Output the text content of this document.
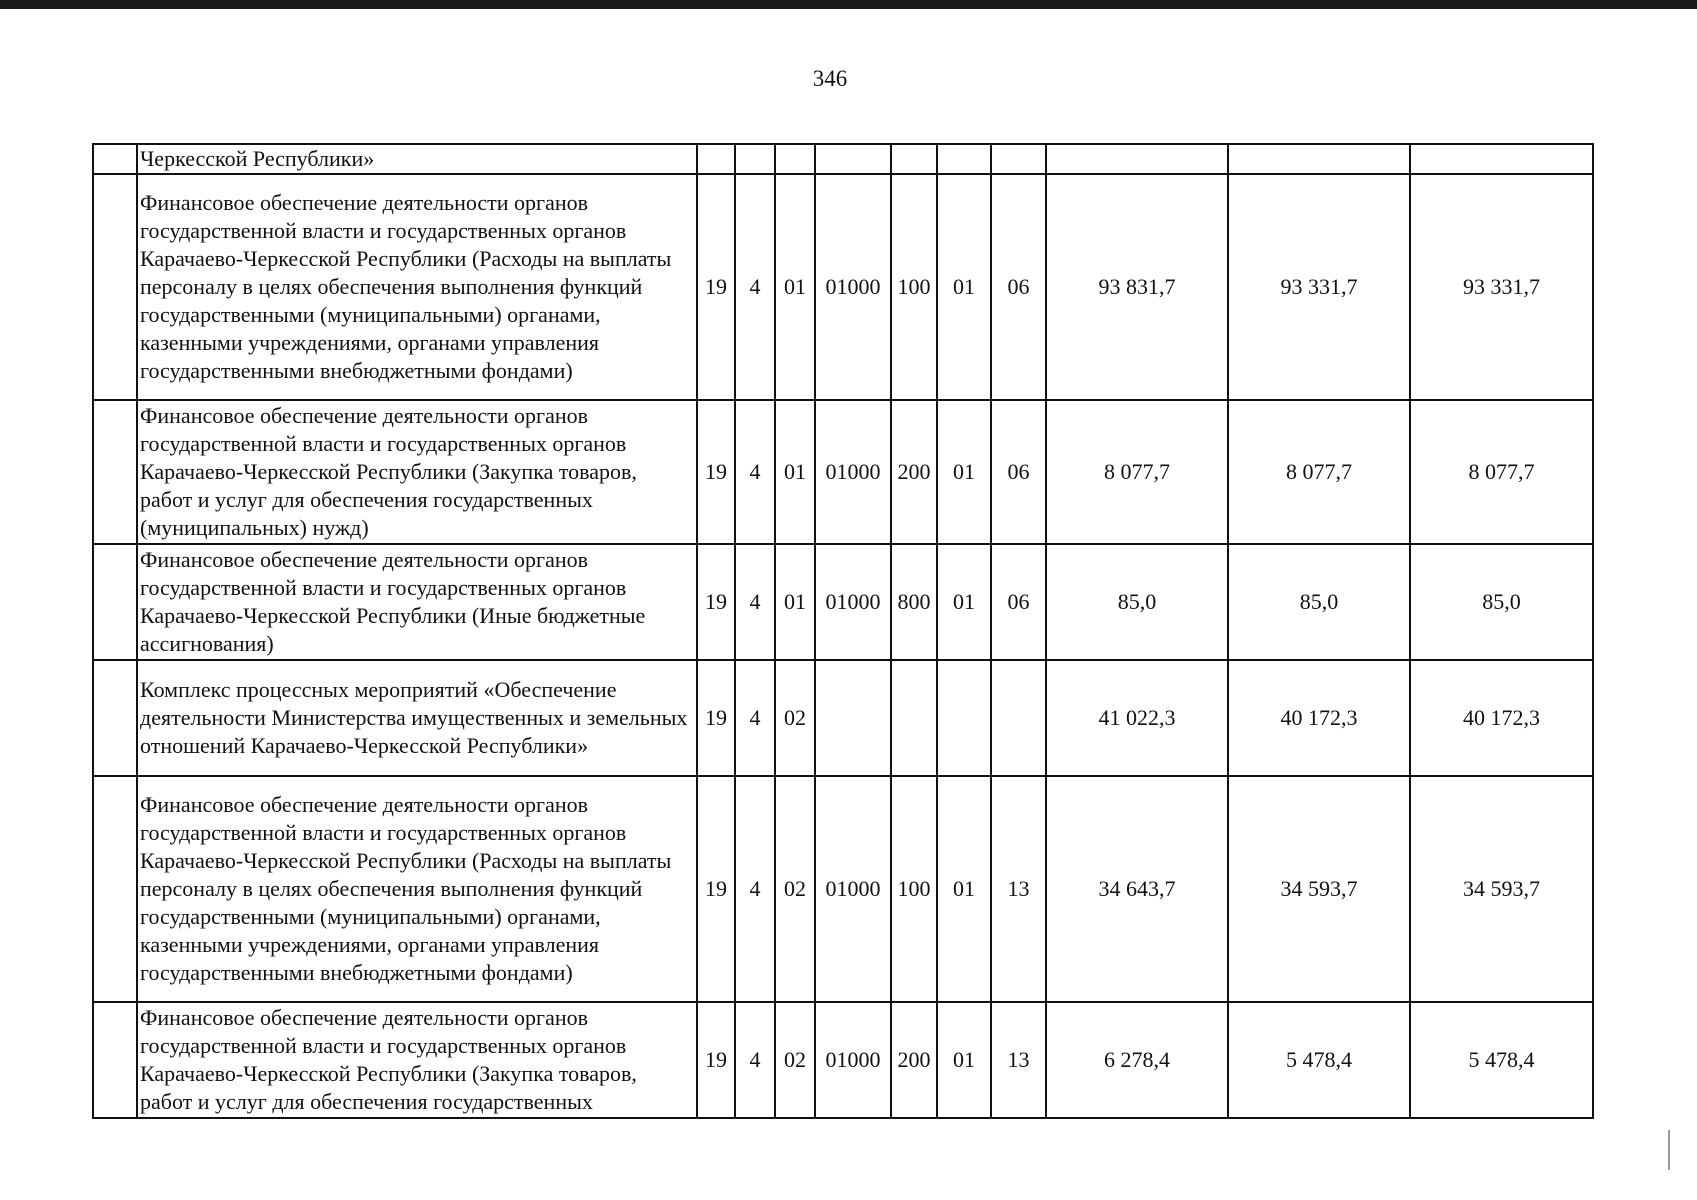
346
	Черкесской Республики»										
	Финансовое обеспечение деятельности органов государственной власти и государственных органов Карачаево-Черкесской Республики (Расходы на выплаты персоналу в целях обеспечения выполнения функций государственными (муниципальными) органами, казенными учреждениями, органами управления государственными внебюджетными фондами)	19	4	01	01000	100	01	06	93 831,7	93 331,7	93 331,7
	Финансовое обеспечение деятельности органов государственной власти и государственных органов Карачаево-Черкесской Республики (Закупка товаров, работ и услуг для обеспечения государственных (муниципальных) нужд)	19	4	01	01000	200	01	06	8 077,7	8 077,7	8 077,7
	Финансовое обеспечение деятельности органов государственной власти и государственных органов Карачаево-Черкесской Республики (Иные бюджетные ассигнования)	19	4	01	01000	800	01	06	85,0	85,0	85,0
	Комплекс процессных мероприятий «Обеспечение деятельности Министерства имущественных и земельных отношений Карачаево-Черкесской Республики»	19	4	02					41 022,3	40 172,3	40 172,3
	Финансовое обеспечение деятельности органов государственной власти и государственных органов Карачаево-Черкесской Республики (Расходы на выплаты персоналу в целях обеспечения выполнения функций государственными (муниципальными) органами, казенными учреждениями, органами управления государственными внебюджетными фондами)	19	4	02	01000	100	01	13	34 643,7	34 593,7	34 593,7
	Финансовое обеспечение деятельности органов государственной власти и государственных органов Карачаево-Черкесской Республики (Закупка товаров, работ и услуг для обеспечения государственных	19	4	02	01000	200	01	13	6 278,4	5 478,4	5 478,4
